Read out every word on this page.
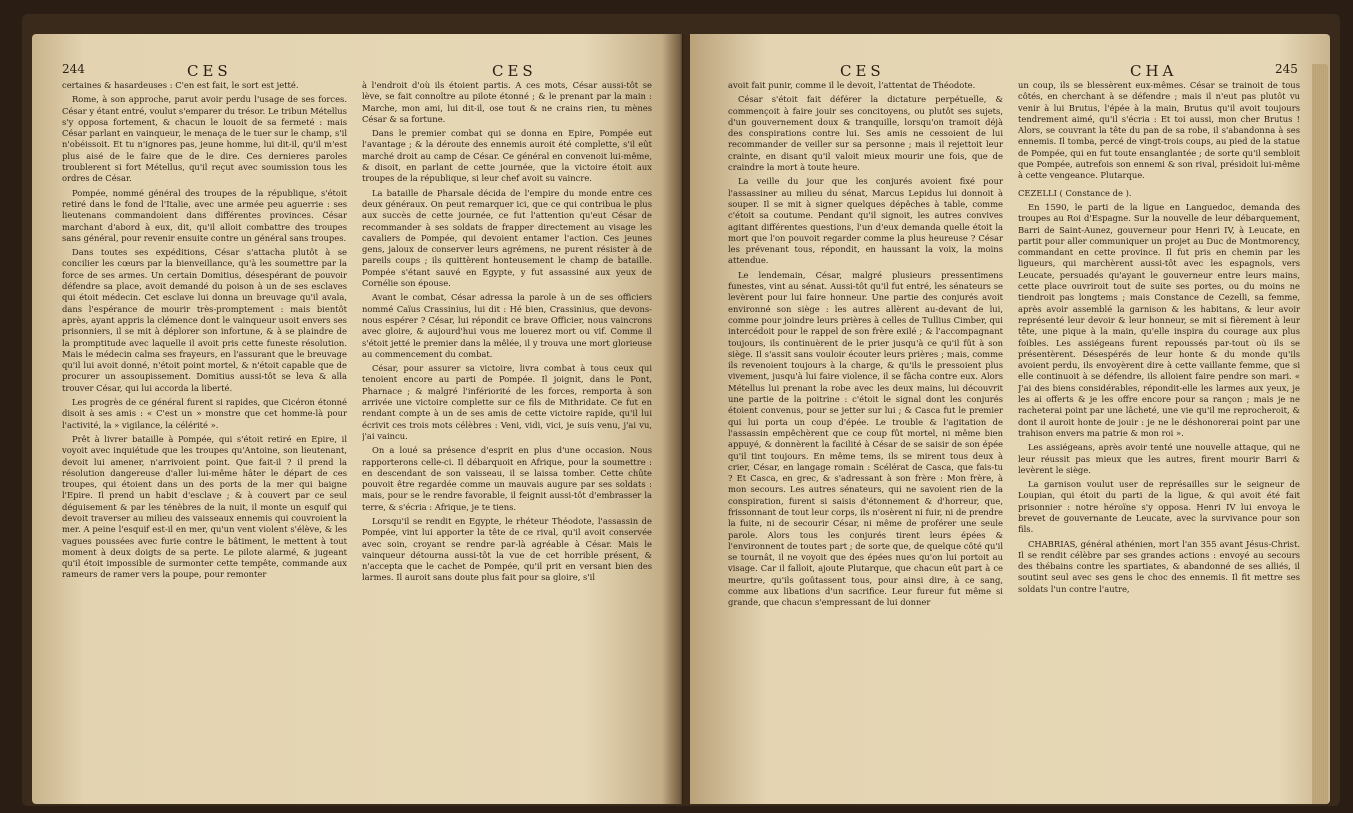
244	CES	CES

certaines & hasardeuses : C'en est fait, le sort est jetté.

Rome, à son approche, parut avoir perdu l'usage de ses forces. César y étant entré, voulut s'emparer du trésor. Le tribun Métellus s'y opposa fortement, & chacun le louoit de sa fermeté : mais César parlant en vainqueur, le menaça de le tuer sur le champ, s'il n'obéissoit. Et tu n'ignores pas, jeune homme, lui dit-il, qu'il m'est plus aisé de le faire que de le dire. Ces dernieres paroles troublerent si fort Métellus, qu'il reçut avec soumission tous les ordres de César.

Pompée, nommé général des troupes de la république, s'étoit retiré dans le fond de l'Italie, avec une armée peu aguerrie : ses lieutenans commandoient dans différentes provinces. César marchant d'abord à eux, dit, qu'il alloit combattre des troupes sans général, pour revenir ensuite contre un général sans troupes.

Dans toutes ses expéditions, César s'attacha plutôt à se concilier les cœurs par la bienveillance, qu'à les soumettre par la force de ses armes. Un certain Domitius, désespérant de pouvoir défendre sa place, avoit demandé du poison à un de ses esclaves qui étoit médecin. Cet esclave lui donna un breuvage qu'il avala, dans l'espérance de mourir très-promptement : mais bientôt après, ayant appris la clémence dont le vainqueur usoit envers ses prisonniers, il se mit à déplorer son infortune, & à se plaindre de la promptitude avec laquelle il avoit pris cette funeste résolution. Mais le médecin calma ses frayeurs, en l'assurant que le breuvage qu'il lui avoit donné, n'étoit point mortel, & n'étoit capable que de procurer un assoupissement. Domitius aussi-tôt se leva & alla trouver César, qui lui accorda la liberté.

Les progrès de ce général furent si rapides, que Cicéron étonné disoit à ses amis : « C'est un » monstre que cet homme-là pour l'activité, la » vigilance, la célérité ».

Prêt à livrer bataille à Pompée, qui s'étoit retiré en Epire, il voyoit avec inquiétude que les troupes qu'Antoine, son lieutenant, devoit lui amener, n'arrivoient point. Que fait-il ? il prend la résolution dangereuse d'aller lui-même hâter le départ de ces troupes, qui étoient dans un des ports de la mer qui baigne l'Epire. Il prend un habit d'esclave ; & à couvert par ce seul déguisement & par les ténèbres de la nuit, il monte un esquif qui devoit traverser au milieu des vaisseaux ennemis qui couvroient la mer. A peine l'esquif est-il en mer, qu'un vent violent s'élève, & les vagues poussées avec furie contre le bâtiment, le mettent à tout moment à deux doigts de sa perte. Le pilote alarmé, & jugeant qu'il étoit impossible de surmonter cette tempête, commande aux rameurs de ramer vers la poupe, pour remonter

à l'endroit d'où ils étoient partis. A ces mots, César aussi-tôt se lève, se fait connoître au pilote étonné ; & le prenant par la main : Marche, mon ami, lui dit-il, ose tout & ne crains rien, tu mènes César & sa fortune.

Dans le premier combat qui se donna en Epire, Pompée eut l'avantage ; & la déroute des ennemis auroit été complette, s'il eût marché droit au camp de César. Ce général en convenoit lui-même, & disoit, en parlant de cette journée, que la victoire étoit aux troupes de la république, si leur chef avoit su vaincre.

La bataille de Pharsale décida de l'empire du monde entre ces deux généraux. On peut remarquer ici, que ce qui contribua le plus aux succès de cette journée, ce fut l'attention qu'eut César de recommander à ses soldats de frapper directement au visage les cavaliers de Pompée, qui devoient entamer l'action. Ces jeunes gens, jaloux de conserver leurs agrémens, ne purent résister à de pareils coups ; ils quittèrent honteusement le champ de bataille. Pompée s'étant sauvé en Egypte, y fut assassiné aux yeux de Cornélie son épouse.

Avant le combat, César adressa la parole à un de ses officiers nommé Caïus Crassinius, lui dit : Hé bien, Crassinius, que devons-nous espérer ? César, lui répondit ce brave Officier, nous vaincrons avec gloire, & aujourd'hui vous me louerez mort ou vif. Comme il s'étoit jetté le premier dans la mêlée, il y trouva une mort glorieuse au commencement du combat.

César, pour assurer sa victoire, livra combat à tous ceux qui tenoient encore au parti de Pompée. Il joignit, dans le Pont, Pharnace ; & malgré l'infériorité de les forces, remporta à son arrivée une victoire complette sur ce fils de Mithridate. Ce fut en rendant compte à un de ses amis de cette victoire rapide, qu'il lui écrivit ces trois mots célèbres : Veni, vidi, vici, je suis venu, j'ai vu, j'ai vaincu.

On a loué sa présence d'esprit en plus d'une occasion. Nous rapporterons celle-ci. Il débarquoit en Afrique, pour la soumettre : en descendant de son vaisseau, il se laissa tomber. Cette chûte pouvoit être regardée comme un mauvais augure par ses soldats : mais, pour se le rendre favorable, il feignit aussi-tôt d'embrasser la terre, & s'écria : Afrique, je te tiens.

Lorsqu'il se rendit en Egypte, le rhéteur Théodote, l'assassin de Pompée, vint lui apporter la tête de ce rival, qu'il avoit conservée avec soin, croyant se rendre par-là agréable à César. Mais le vainqueur détourna aussi-tôt la vue de cet horrible présent, & n'accepta que le cachet de Pompée, qu'il prit en versant bien des larmes. Il auroit sans doute plus fait pour sa gloire, s'il

CES	CHA	245

avoit fait punir, comme il le devoit, l'attentat de Théodote.

César s'étoit fait déférer la dictature perpétuelle, & commençoit à faire jouir ses concitoyens, ou plutôt ses sujets, d'un gouvernement doux & tranquille, lorsqu'on tramoit déjà des conspirations contre lui. Ses amis ne cessoient de lui recommander de veiller sur sa personne ; mais il rejettoit leur crainte, en disant qu'il valoit mieux mourir une fois, que de craindre la mort à toute heure.

La veille du jour que les conjurés avoient fixé pour l'assassiner au milieu du sénat, Marcus Lepidus lui donnoit à souper. Il se mit à signer quelques dépêches à table, comme c'étoit sa coutume. Pendant qu'il signoit, les autres convives agitant différentes questions, l'un d'eux demanda quelle étoit la mort que l'on pouvoit regarder comme la plus heureuse ? César les prévenant tous, répondit, en haussant la voix, la moins attendue.

Le lendemain, César, malgré plusieurs pressentimens funestes, vint au sénat. Aussi-tôt qu'il fut entré, les sénateurs se levèrent pour lui faire honneur. Une partie des conjurés avoit environné son siège : les autres allèrent au-devant de lui, comme pour joindre leurs prières à celles de Tullius Cimber, qui intercédoit pour le rappel de son frère exilé ; & l'accompagnant toujours, ils continuèrent de le prier jusqu'à ce qu'il fût à son siège. Il s'assit sans vouloir écouter leurs prières ; mais, comme ils revenoient toujours à la charge, & qu'ils le pressoient plus vivement, jusqu'à lui faire violence, il se fâcha contre eux. Alors Métellus lui prenant la robe avec les deux mains, lui découvrit une partie de la poitrine : c'étoit le signal dont les conjurés étoient convenus, pour se jetter sur lui ; & Casca fut le premier qui lui porta un coup d'épée. Le trouble & l'agitation de l'assassin empêchèrent que ce coup fût mortel, ni même bien appuyé, & donnèrent la facilité à César de se saisir de son épée qu'il tint toujours. En même tems, ils se mirent tous deux à crier, César, en langage romain : Scélérat de Casca, que fais-tu ? Et Casca, en grec, & s'adressant à son frère : Mon frère, à mon secours. Les autres sénateurs, qui ne savoient rien de la conspiration, furent si saisis d'étonnement & d'horreur, que, frissonnant de tout leur corps, ils n'osèrent ni fuir, ni de prendre la fuite, ni de secourir César, ni même de proférer une seule parole. Alors tous les conjurés tirent leurs épées & l'environnent de toutes part ; de sorte que, de quelque côté qu'il se tournât, il ne voyoit que des épées nues qu'on lui portoit au visage. Car il falloit, ajoute Plutarque, que chacun eût part à ce meurtre, qu'ils goûtassent tous, pour ainsi dire, à ce sang, comme aux libations d'un sacrifice. Leur fureur fut même si grande, que chacun s'empressant de lui donner

un coup, ils se blessèrent eux-mêmes. César se trainoit de tous côtés, en cherchant à se défendre ; mais il n'eut pas plutôt vu venir à lui Brutus, l'épée à la main, Brutus qu'il avoit toujours tendrement aimé, qu'il s'écria : Et toi aussi, mon cher Brutus ! Alors, se couvrant la tête du pan de sa robe, il s'abandonna à ses ennemis. Il tomba, percé de vingt-trois coups, au pied de la statue de Pompée, qui en fut toute ensanglantée ; de sorte qu'il sembloit que Pompée, autrefois son ennemi & son rival, présidoit lui-même à cette vengeance. Plutarque.

CEZELLI ( Constance de ).

En 1590, le parti de la ligue en Languedoc, demanda des troupes au Roi d'Espagne. Sur la nouvelle de leur débarquement, Barri de Saint-Aunez, gouverneur pour Henri IV, à Leucate, en partit pour aller communiquer un projet au Duc de Montmorency, commandant en cette province. Il fut pris en chemin par les ligueurs, qui marchèrent aussi-tôt avec les espagnols, vers Leucate, persuadés qu'ayant le gouverneur entre leurs mains, cette place ouvriroit tout de suite ses portes, ou du moins ne tiendroit pas longtems ; mais Constance de Cezelli, sa femme, après avoir assemblé la garnison & les habitans, & leur avoir représenté leur devoir & leur honneur, se mit si fièrement à leur tête, une pique à la main, qu'elle inspira du courage aux plus foibles. Les assiégeans furent repoussés par-tout où ils se présentèrent. Désespérés de leur honte & du monde qu'ils avoient perdu, ils envoyèrent dire à cette vaillante femme, que si elle continuoit à se défendre, ils alloient faire pendre son mari. « J'ai des biens considérables, répondit-elle les larmes aux yeux, je les ai offerts & je les offre encore pour sa rançon ; mais je ne racheterai point par une lâcheté, une vie qu'il me reprocheroit, & dont il auroit honte de jouir : je ne le déshonorerai point par une trahison envers ma patrie & mon roi ».

Les assiégeans, après avoir tenté une nouvelle attaque, qui ne leur réussit pas mieux que les autres, firent mourir Barri & levèrent le siège.

La garnison voulut user de représailles sur le seigneur de Loupian, qui étoit du parti de la ligue, & qui avoit été fait prisonnier : notre héroïne s'y opposa. Henri IV lui envoya le brevet de gouvernante de Leucate, avec la survivance pour son fils.

CHABRIAS, général athénien, mort l'an 355 avant Jésus-Christ. Il se rendit célèbre par ses grandes actions : envoyé au secours des thébains contre les spartiates, & abandonné de ses alliés, il soutint seul avec ses gens le choc des ennemis. Il fit mettre ses soldats l'un contre l'autre,
